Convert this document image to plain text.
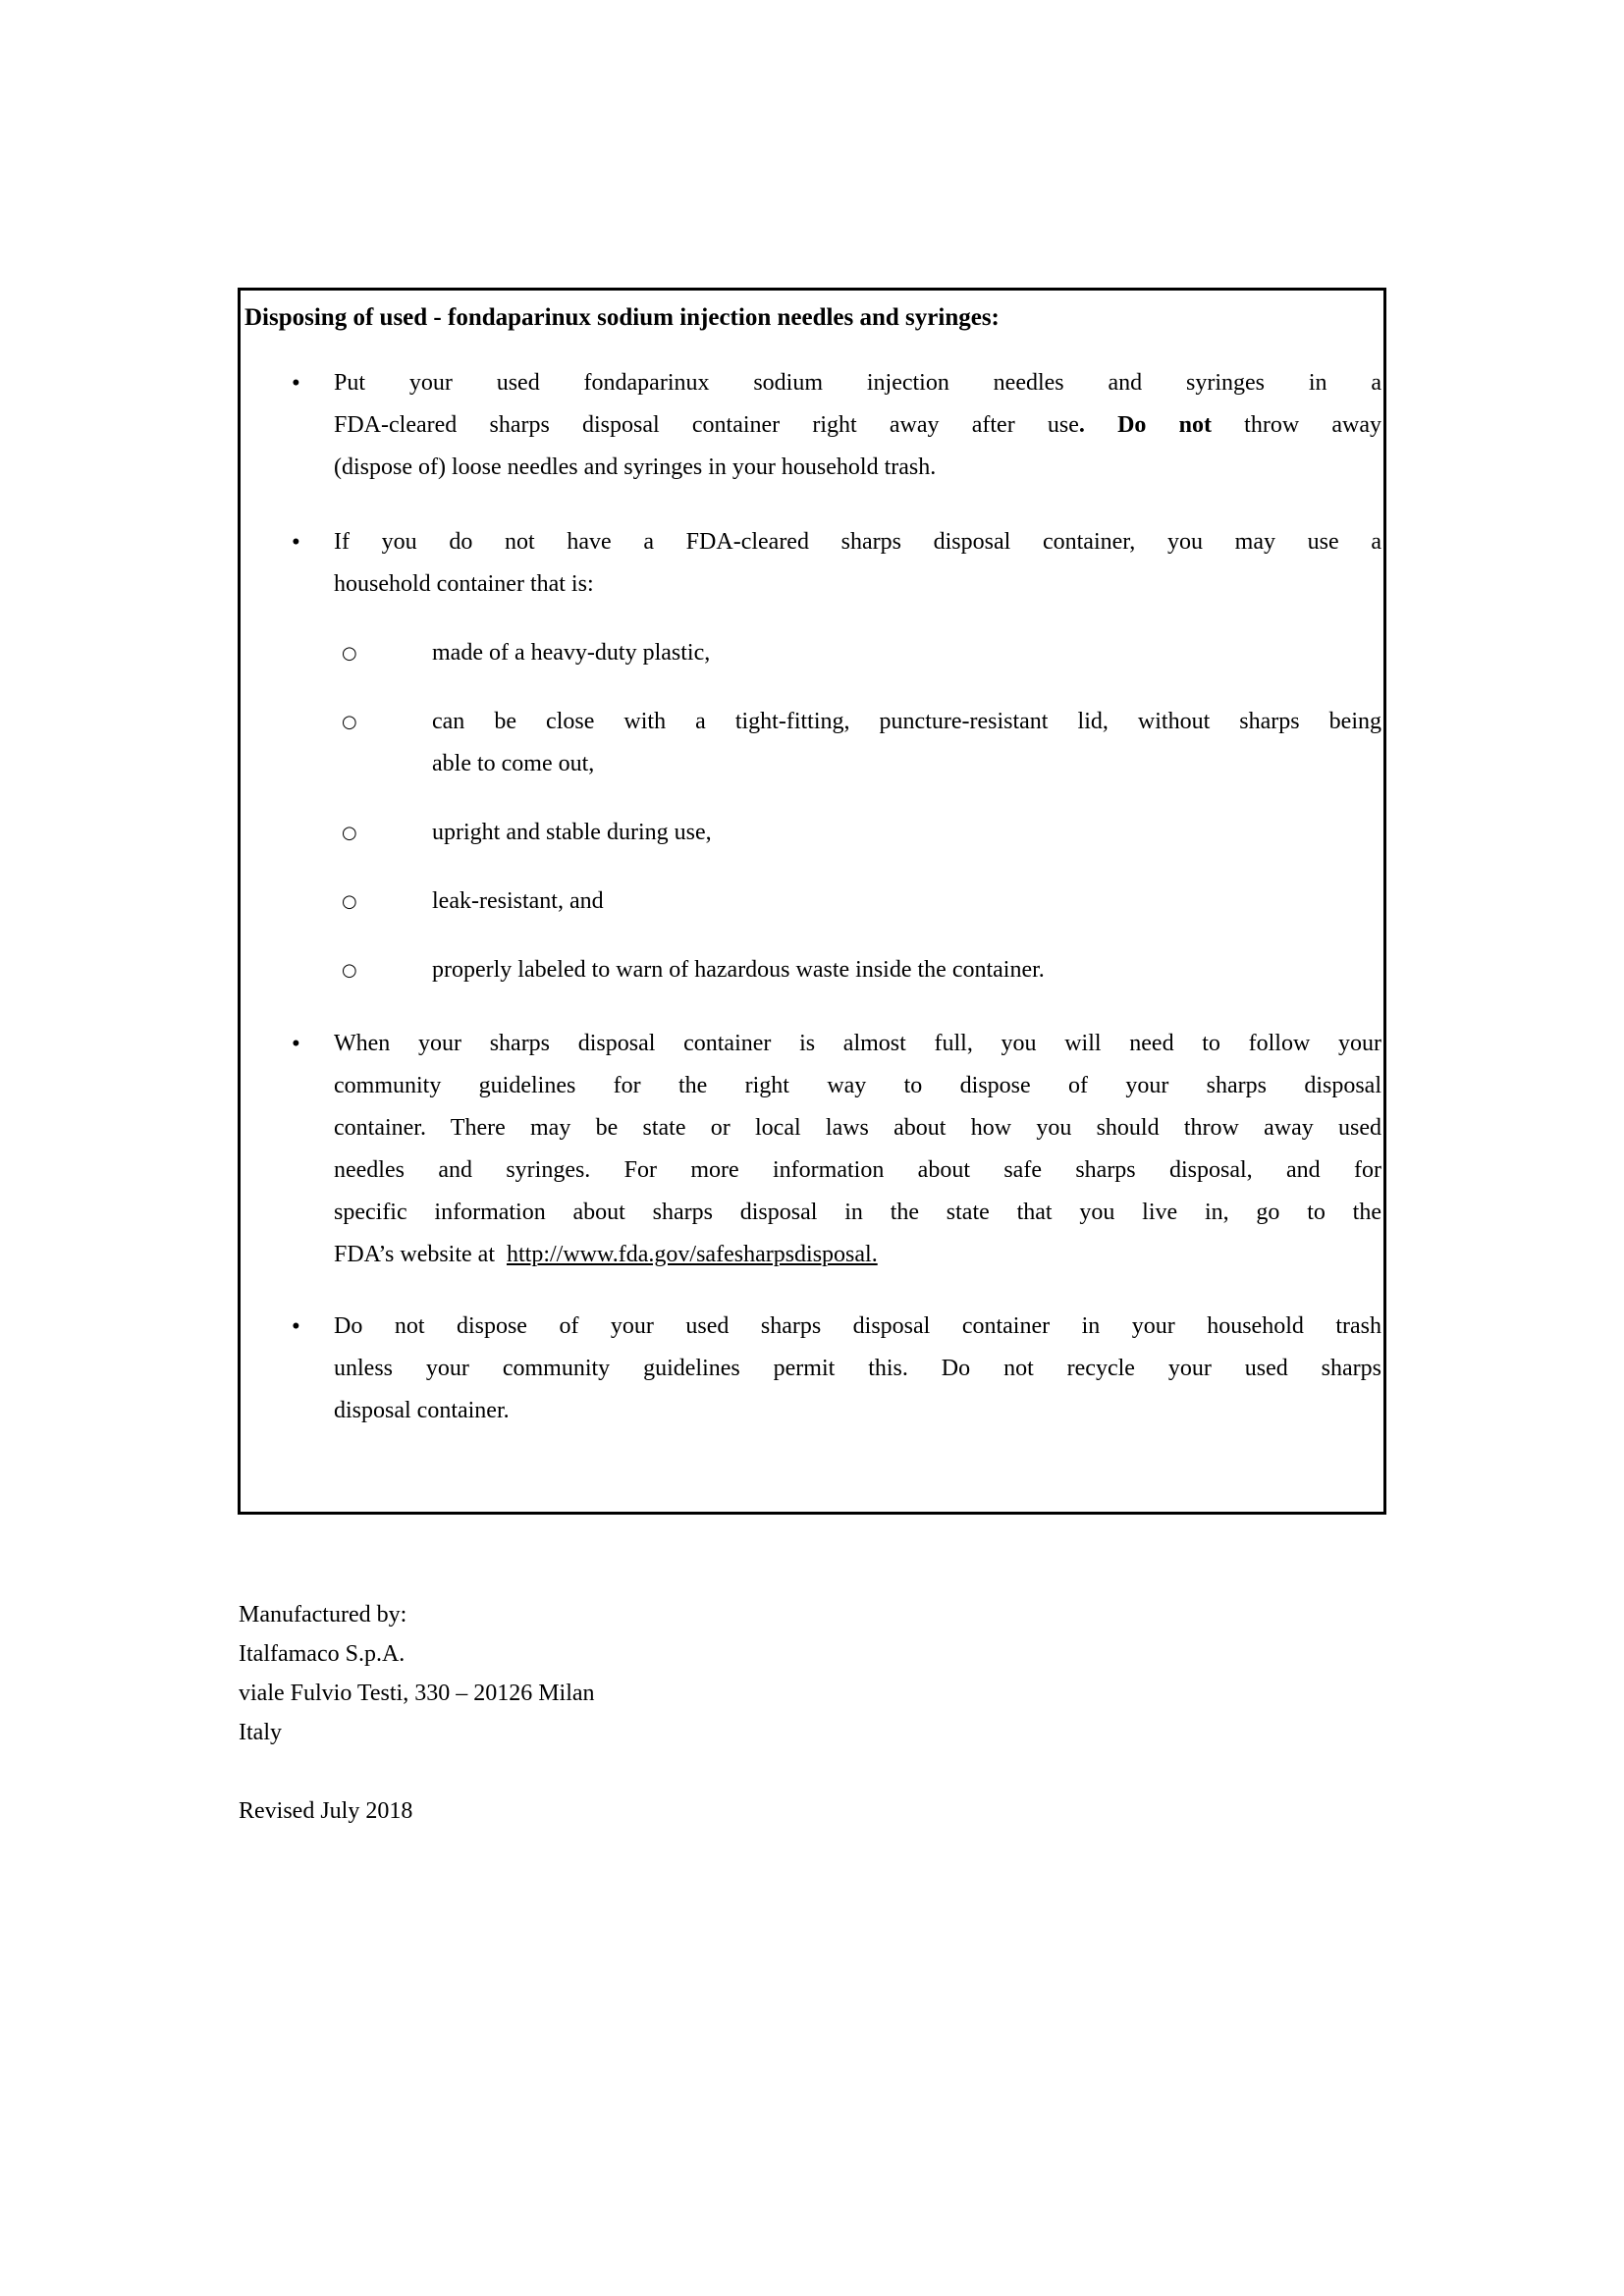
Disposing of used - fondaparinux sodium injection needles and syringes:
•	Put your used fondaparinux sodium injection needles and syringes in a
FDA-cleared sharps disposal container right away after use. Do not throw away
(dispose of) loose needles and syringes in your household trash.
•	If you do not have a FDA-cleared sharps disposal container, you may use a
household container that is:
○	made of a heavy-duty plastic,
○	can be close with a tight-fitting, puncture-resistant lid, without sharps being
able to come out,
○	upright and stable during use,
○	leak-resistant, and
○	properly labeled to warn of hazardous waste inside the container.
•	When your sharps disposal container is almost full, you will need to follow your
community guidelines for the right way to dispose of your sharps disposal
container. There may be state or local laws about how you should throw away used
needles and syringes. For more information about safe sharps disposal, and for
specific information about sharps disposal in the state that you live in, go to the
FDA’s website at  http://www.fda.gov/safesharpsdisposal.
•	Do not dispose of your used sharps disposal container in your household trash
unless your community guidelines permit this. Do not recycle your used sharps
disposal container.
Manufactured by:
Italfamaco S.p.A.
viale Fulvio Testi, 330 – 20126 Milan
Italy
Revised July 2018
